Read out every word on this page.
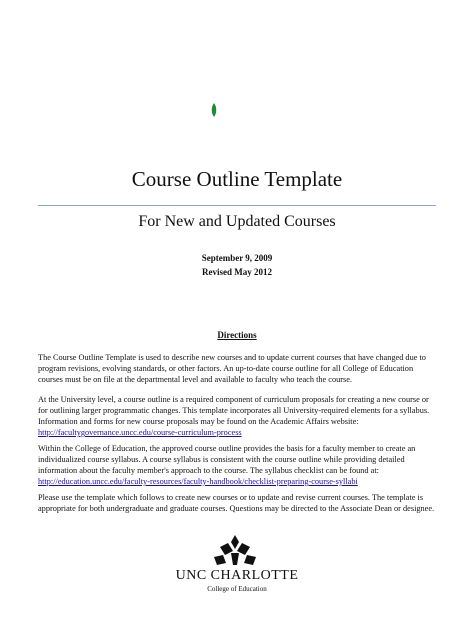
Course Outline Template
For New and Updated Courses
September 9, 2009
Revised May 2012
Directions

The Course Outline Template is used to describe new courses and to update current courses that have changed due to program revisions, evolving standards, or other factors. An up-to-date course outline for all College of Education courses must be on file at the departmental level and available to faculty who teach the course.

At the University level, a course outline is a required component of curriculum proposals for creating a new course or for outlining larger programmatic changes. This template incorporates all University-required elements for a syllabus. Information and forms for new course proposals may be found on the Academic Affairs website: http://facultygovernance.uncc.edu/course-curriculum-process

Within the College of Education, the approved course outline provides the basis for a faculty member to create an individualized course syllabus. A course syllabus is consistent with the course outline while providing detailed information about the faculty member's approach to the course. The syllabus checklist can be found at: http://education.uncc.edu/faculty-resources/faculty-handbook/checklist-preparing-course-syllabi

Please use the template which follows to create new courses or to update and revise current courses. The template is appropriate for both undergraduate and graduate courses. Questions may be directed to the Associate Dean or designee.

UNC CHARLOTTE
College of Education
